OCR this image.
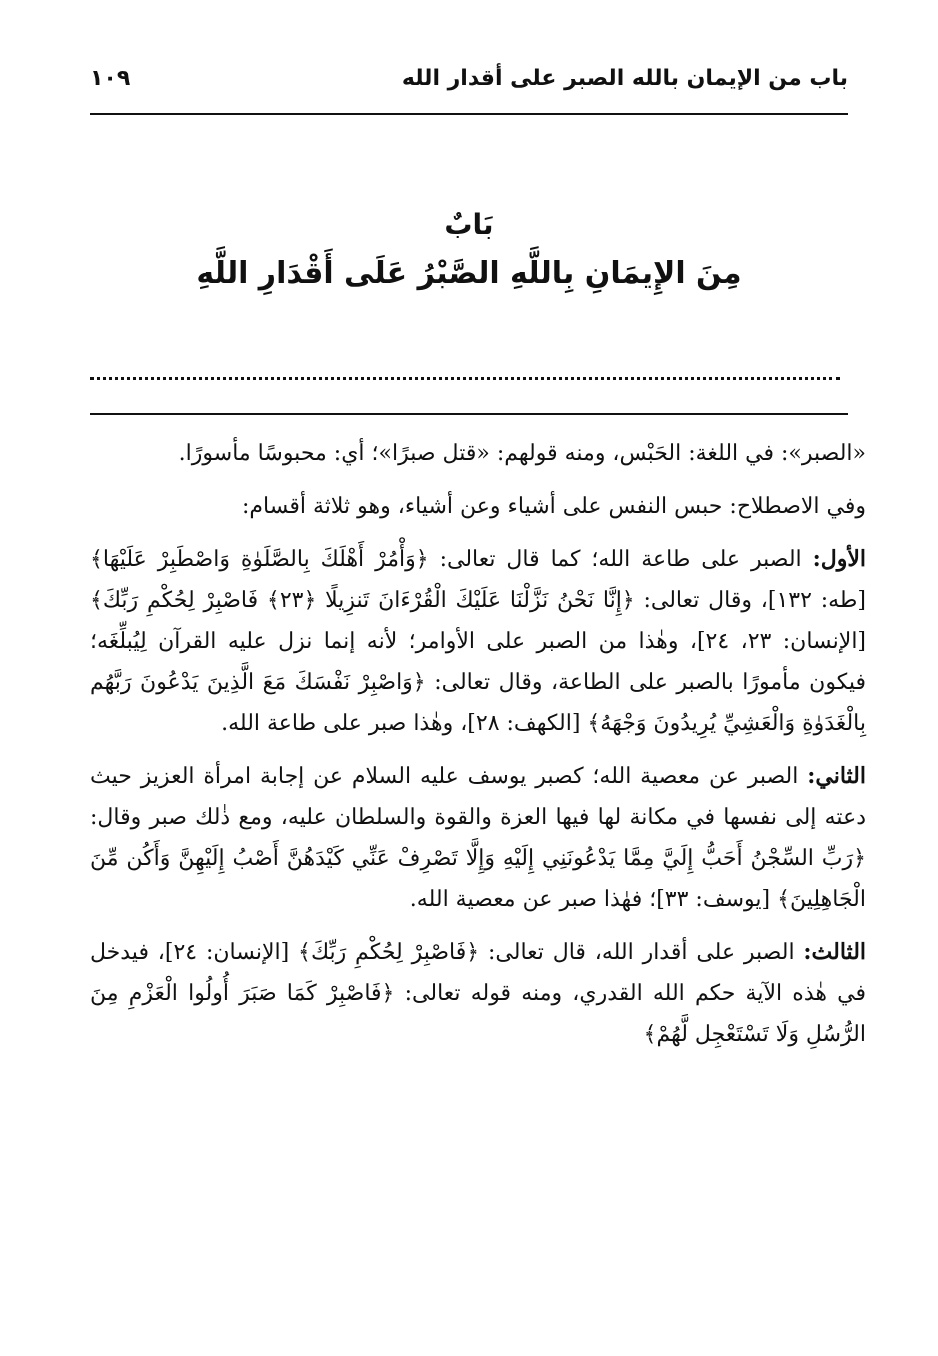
باب من الإيمان بالله الصبر على أقدار الله
١٠٩
بَابٌ
مِنَ الإِيمَانِ بِاللَّهِ الصَّبْرُ عَلَى أَقْدَارِ اللَّهِ

«الصبر»: في اللغة: الحَبْس، ومنه قولهم: «قتل صبرًا»؛ أي: محبوسًا مأسورًا.

وفي الاصطلاح: حبس النفس على أشياء وعن أشياء، وهو ثلاثة أقسام:

الأول: الصبر على طاعة الله؛ كما قال تعالى: ﴿وَأْمُرْ أَهْلَكَ بِالصَّلَوٰةِ وَاصْطَبِرْ عَلَيْهَا﴾ [طه: ١٣٢]، وقال تعالى: ﴿إِنَّا نَحْنُ نَزَّلْنَا عَلَيْكَ الْقُرْءَانَ تَنزِيلًا ﴿٢٣﴾ فَاصْبِرْ لِحُكْمِ رَبِّكَ﴾ [الإنسان: ٢٣، ٢٤]، وهٰذا من الصبر على الأوامر؛ لأنه إنما نزل عليه القرآن لِيُبلِّغَه؛ فيكون مأمورًا بالصبر على الطاعة، وقال تعالى: ﴿وَاصْبِرْ نَفْسَكَ مَعَ الَّذِينَ يَدْعُونَ رَبَّهُم بِالْغَدَوٰةِ وَالْعَشِيِّ يُرِيدُونَ وَجْهَهُ﴾ [الكهف: ٢٨]، وهٰذا صبر على طاعة الله.

الثاني: الصبر عن معصية الله؛ كصبر يوسف عليه السلام عن إجابة امرأة العزيز حيث دعته إلى نفسها في مكانة لها فيها العزة والقوة والسلطان عليه، ومع ذٰلك صبر وقال: ﴿رَبِّ السِّجْنُ أَحَبُّ إِلَيَّ مِمَّا يَدْعُونَنِي إِلَيْهِ وَإِلَّا تَصْرِفْ عَنِّي كَيْدَهُنَّ أَصْبُ إِلَيْهِنَّ وَأَكُن مِّنَ الْجَاهِلِينَ﴾ [يوسف: ٣٣]؛ فهٰذا صبر عن معصية الله.

الثالث: الصبر على أقدار الله، قال تعالى: ﴿فَاصْبِرْ لِحُكْمِ رَبِّكَ﴾ [الإنسان: ٢٤]، فيدخل في هٰذه الآية حكم الله القدري، ومنه قوله تعالى: ﴿فَاصْبِرْ كَمَا صَبَرَ أُولُوا الْعَزْمِ مِنَ الرُّسُلِ وَلَا تَسْتَعْجِل لَّهُمْ﴾
